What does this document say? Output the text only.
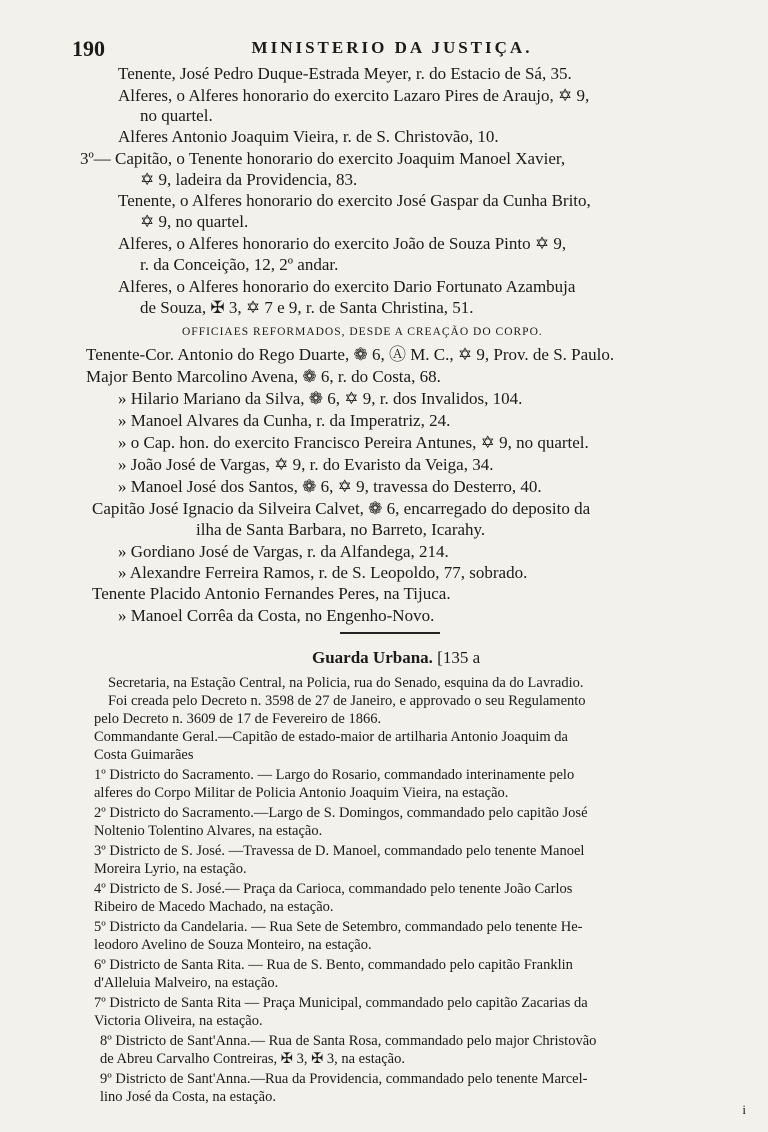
190	MINISTERIO DA JUSTIÇA.
Tenente, José Pedro Duque-Estrada Meyer, r. do Estacio de Sá, 35.
Alferes, o Alferes honorario do exercito Lazaro Pires de Araujo, ✡ 9,
no quartel.
Alferes Antonio Joaquim Vieira, r. de S. Christovão, 10.
3º— Capitão, o Tenente honorario do exercito Joaquim Manoel Xavier,
✡ 9, ladeira da Providencia, 83.
Tenente, o Alferes honorario do exercito José Gaspar da Cunha Brito,
✡ 9, no quartel.
Alferes, o Alferes honorario do exercito João de Souza Pinto ✡ 9,
r. da Conceição, 12, 2º andar.
Alferes, o Alferes honorario do exercito Dario Fortunato Azambuja
de Souza, ✠ 3, ✡ 7 e 9, r. de Santa Christina, 51.
OFFICIAES REFORMADOS, DESDE A CREAÇÃO DO CORPO.
Tenente-Cor. Antonio do Rego Duarte, ❁ 6, Ⓐ M. C., ✡ 9, Prov. de S. Paulo.
Major Bento Marcolino Avena, ❁ 6, r. do Costa, 68.
» Hilario Mariano da Silva, ❁ 6, ✡ 9, r. dos Invalidos, 104.
» Manoel Alvares da Cunha, r. da Imperatriz, 24.
» o Cap. hon. do exercito Francisco Pereira Antunes, ✡ 9, no quartel.
» João José de Vargas, ✡ 9, r. do Evaristo da Veiga, 34.
» Manoel José dos Santos, ❁ 6, ✡ 9, travessa do Desterro, 40.
Capitão José Ignacio da Silveira Calvet, ❁ 6, encarregado do deposito da
ilha de Santa Barbara, no Barreto, Icarahy.
» Gordiano José de Vargas, r. da Alfandega, 214.
» Alexandre Ferreira Ramos, r. de S. Leopoldo, 77, sobrado.
Tenente Placido Antonio Fernandes Peres, na Tijuca.
» Manoel Corrêa da Costa, no Engenho-Novo.
Guarda Urbana. [135 a
Secretaria, na Estação Central, na Policia, rua do Senado, esquina da do Lavradio.
Foi creada pelo Decreto n. 3598 de 27 de Janeiro, e approvado o seu Regulamento
pelo Decreto n. 3609 de 17 de Fevereiro de 1866.
Commandante Geral.—Capitão de estado-maior de artilharia Antonio Joaquim da
Costa Guimarães
1º Districto do Sacramento. — Largo do Rosario, commandado interinamente pelo
alferes do Corpo Militar de Policia Antonio Joaquim Vieira, na estação.
2º Districto do Sacramento.—Largo de S. Domingos, commandado pelo capitão José
Noltenio Tolentino Alvares, na estação.
3º Districto de S. José. —Travessa de D. Manoel, commandado pelo tenente Manoel
Moreira Lyrio, na estação.
4º Districto de S. José.— Praça da Carioca, commandado pelo tenente João Carlos
Ribeiro de Macedo Machado, na estação.
5º Districto da Candelaria. — Rua Sete de Setembro, commandado pelo tenente He-
leodoro Avelino de Souza Monteiro, na estação.
6º Districto de Santa Rita. — Rua de S. Bento, commandado pelo capitão Franklin
d'Alleluia Malveiro, na estação.
7º Districto de Santa Rita — Praça Municipal, commandado pelo capitão Zacarias da
Victoria Oliveira, na estação.
8º Districto de Sant'Anna.— Rua de Santa Rosa, commandado pelo major Christovão
de Abreu Carvalho Contreiras, ✠ 3, ✠ 3, na estação.
9º Districto de Sant'Anna.—Rua da Providencia, commandado pelo tenente Marcel-
lino José da Costa, na estação.
i
